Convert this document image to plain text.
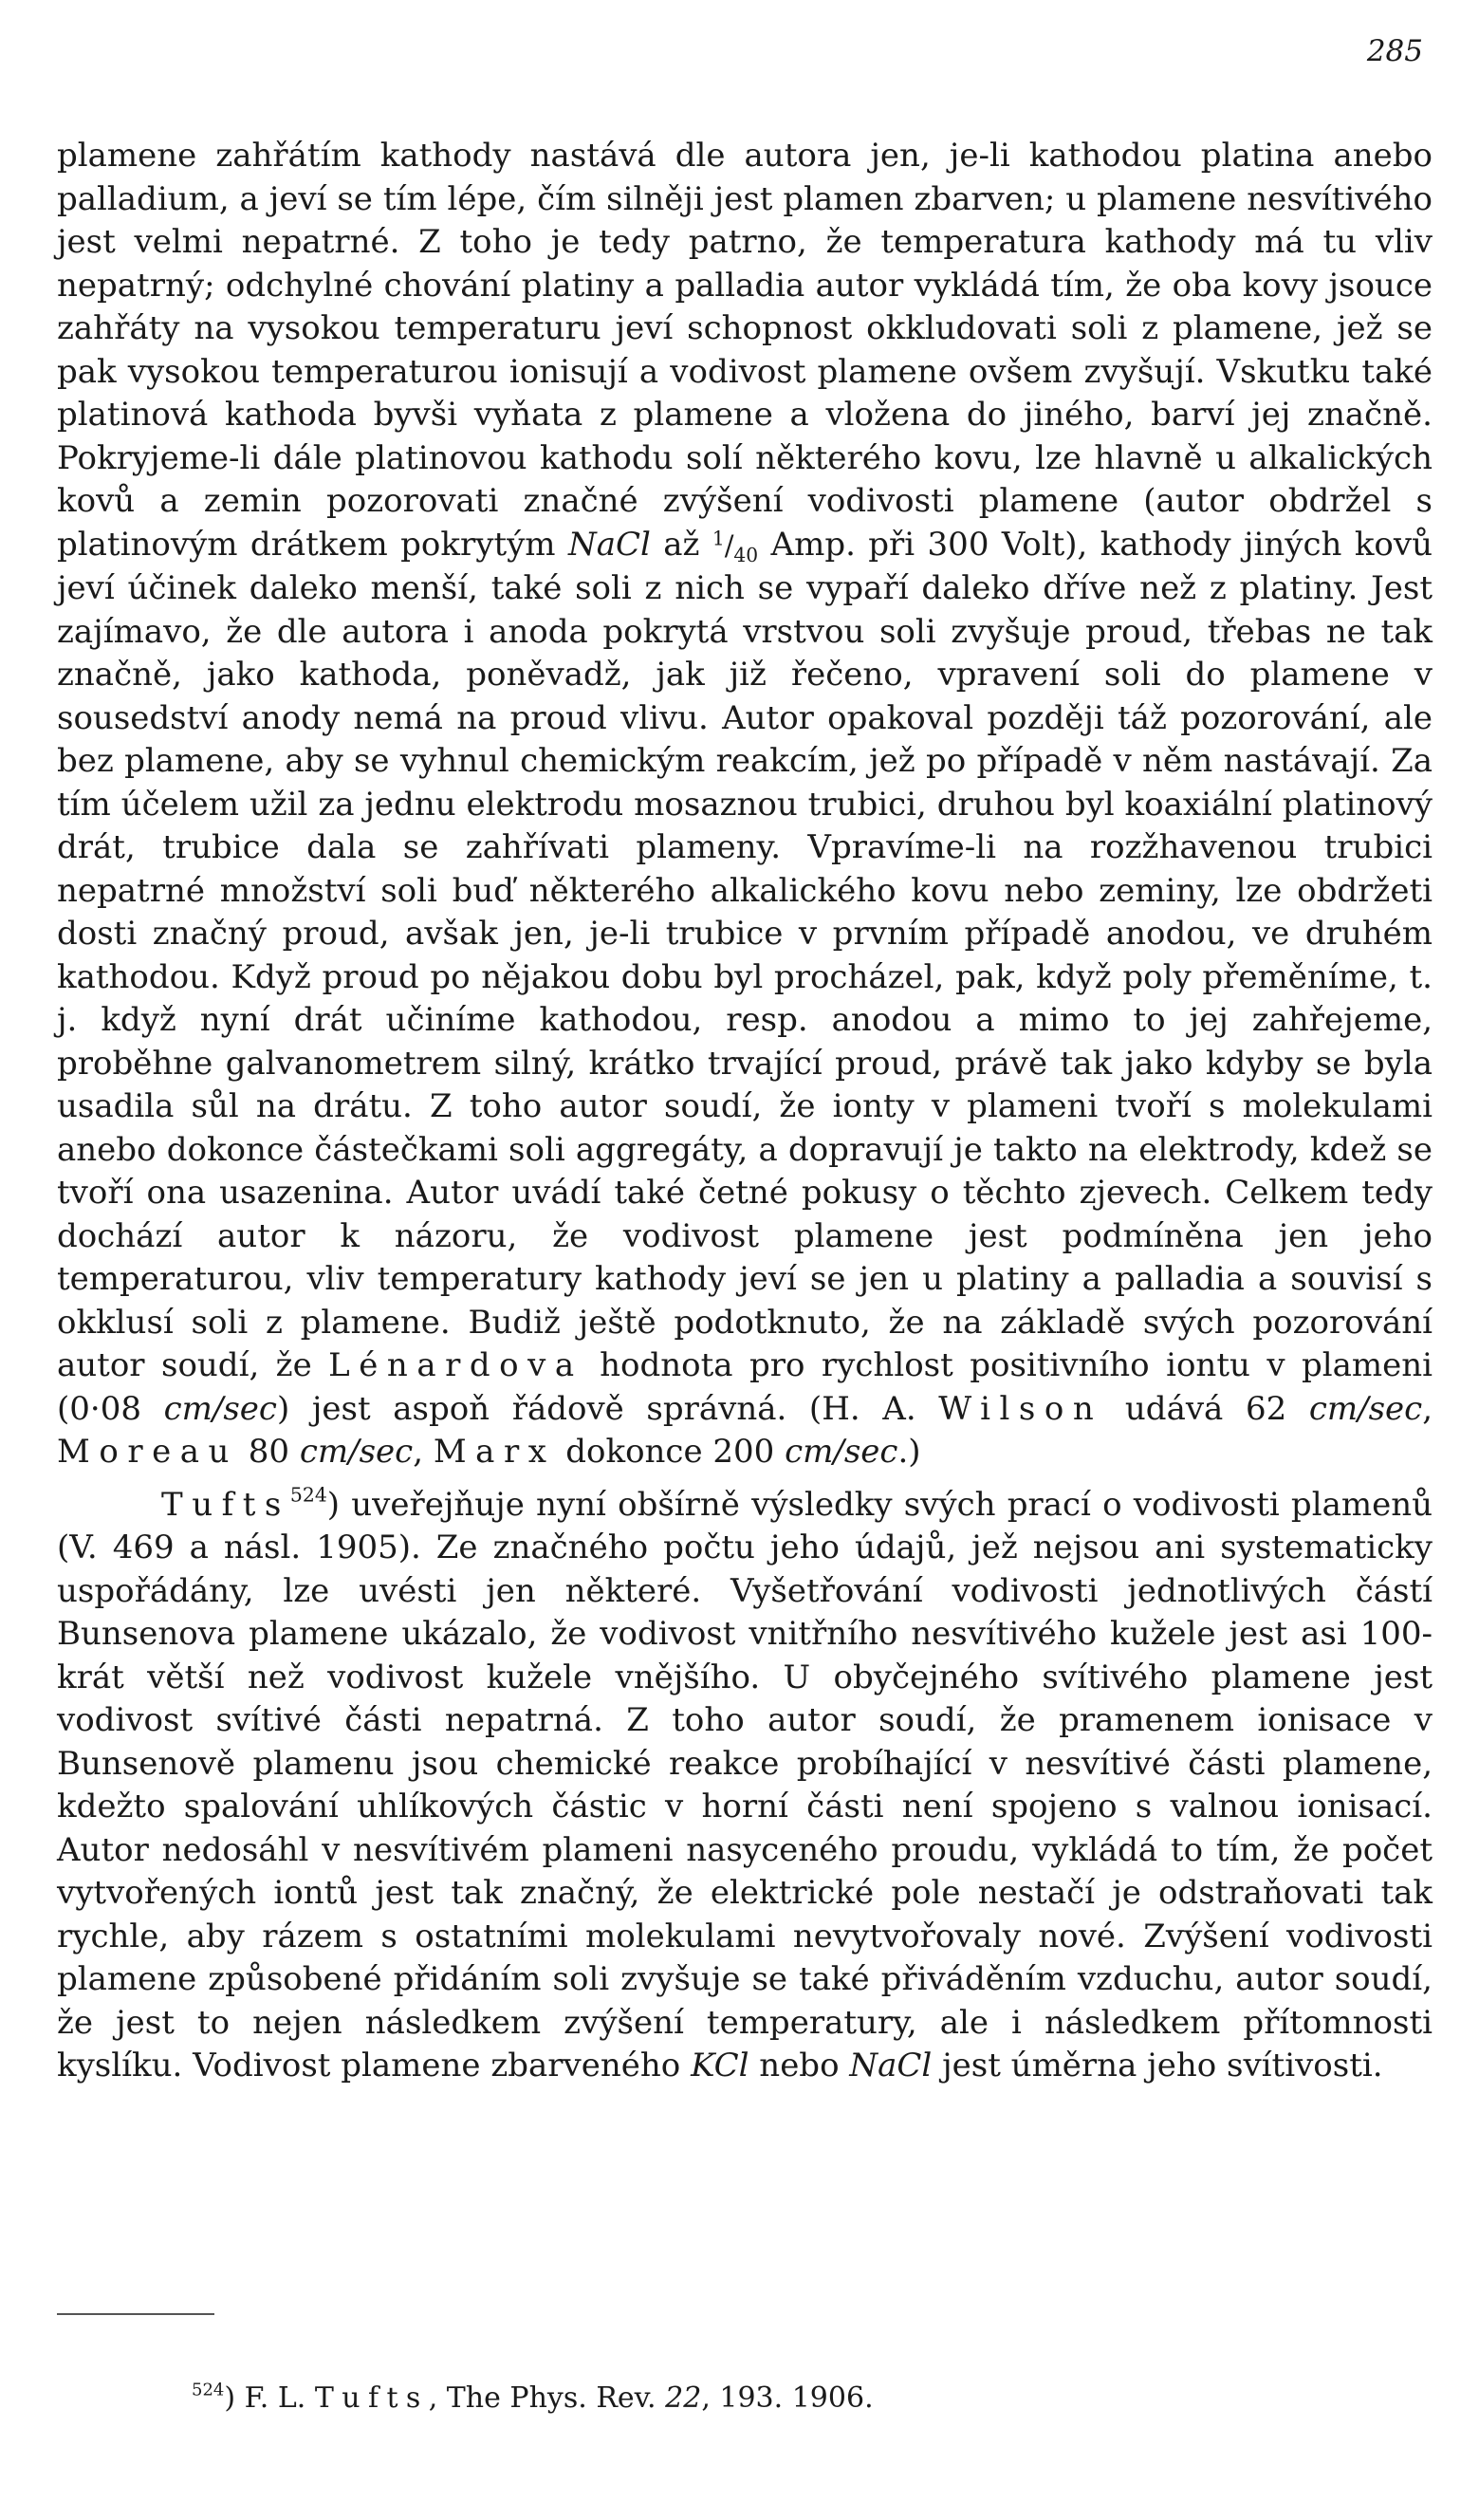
285

plamene zahřátím kathody nastává dle autora jen, je-li kathodou platina anebo palladium, a jeví se tím lépe, čím silněji jest plamen zbarven; u plamene nesvítivého jest velmi nepatrné. Z toho je tedy patrno, že temperatura kathody má tu vliv nepatrný; odchylné chování platiny a palladia autor vykládá tím, že oba kovy jsouce zahřáty na vysokou temperaturu jeví schopnost okkludovati soli z plamene, jež se pak vysokou temperaturou ionisují a vodivost plamene ovšem zvyšují. Vskutku také platinová kathoda byvši vyňata z plamene a vložena do jiného, barví jej značně. Pokryjeme-li dále platinovou kathodu solí některého kovu, lze hlavně u alkalických kovů a zemin pozorovati značné zvýšení vodivosti plamene (autor obdržel s platinovým drátkem pokrytým NaCl až $^1/_{40}$ Amp. při 300 Volt), kathody jiných kovů jeví účinek daleko menší, také soli z nich se vypaří daleko dříve než z platiny. Jest zajímavo, že dle autora i anoda pokrytá vrstvou soli zvyšuje proud, třebas ne tak značně, jako kathoda, poněvadž, jak již řečeno, vpravení soli do plamene v sousedství anody nemá na proud vlivu. Autor opakoval později táž pozorování, ale bez plamene, aby se vyhnul chemickým reakcím, jež po případě v něm nastávají. Za tím účelem užil za jednu elektrodu mosaznou trubici, druhou byl koaxiální platinový drát, trubice dala se zahřívati plameny. Vpravíme-li na rozžhavenou trubici nepatrné množství soli buď některého alkalického kovu nebo zeminy, lze obdržeti dosti značný proud, avšak jen, je-li trubice v prvním případě anodou, ve druhém kathodou. Když proud po nějakou dobu byl procházel, pak, když poly přeměníme, t. j. když nyní drát učiníme kathodou, resp. anodou a mimo to jej zahřejeme, proběhne galvanometrem silný, krátko trvající proud, právě tak jako kdyby se byla usadila sůl na drátu. Z toho autor soudí, že ionty v plameni tvoří s molekulami anebo dokonce částečkami soli aggregáty, a dopravují je takto na elektrody, kdež se tvoří ona usazenina. Autor uvádí také četné pokusy o těchto zjevech. Celkem tedy dochází autor k názoru, že vodivost plamene jest podmíněna jen jeho temperaturou, vliv temperatury kathody jeví se jen u platiny a palladia a souvisí s okklusí soli z plamene. Budiž ještě podotknuto, že na základě svých pozorování autor soudí, že Lénardova hodnota pro rychlost positivního iontu v plameni (0·08 cm/sec) jest aspoň řádově správná. (H. A. Wilson udává 62 cm/sec, Moreau 80 cm/sec, Marx dokonce 200 cm/sec.)

Tufts$^{524}$) uveřejňuje nyní obšírně výsledky svých prací o vodivosti plamenů (V. 469 a násl. 1905). Ze značného počtu jeho údajů, jež nejsou ani systematicky uspořádány, lze uvésti jen některé. Vyšetřování vodivosti jednotlivých částí Bunsenova plamene ukázalo, že vodivost vnitřního nesvítivého kužele jest asi 100-krát větší než vodivost kužele vnějšího. U obyčejného svítivého plamene jest vodivost svítivé části nepatrná. Z toho autor soudí, že pramenem ionisace v Bunsenově plamenu jsou chemické reakce probíhající v nesvítivé části plamene, kdežto spalování uhlíkových částic v horní části není spojeno s valnou ionisací. Autor nedosáhl v nesvítivém plameni nasyceného proudu, vykládá to tím, že počet vytvořených iontů jest tak značný, že elektrické pole nestačí je odstraňovati tak rychle, aby rázem s ostatními molekulami nevytvořovaly nové. Zvýšení vodivosti plamene způsobené přidáním soli zvyšuje se také přiváděním vzduchu, autor soudí, že jest to nejen následkem zvýšení temperatury, ale i následkem přítomnosti kyslíku. Vodivost plamene zbarveného KCl nebo NaCl jest úměrna jeho svítivosti.

$^{524}$) F. L. Tufts, The Phys. Rev. 22, 193. 1906.
